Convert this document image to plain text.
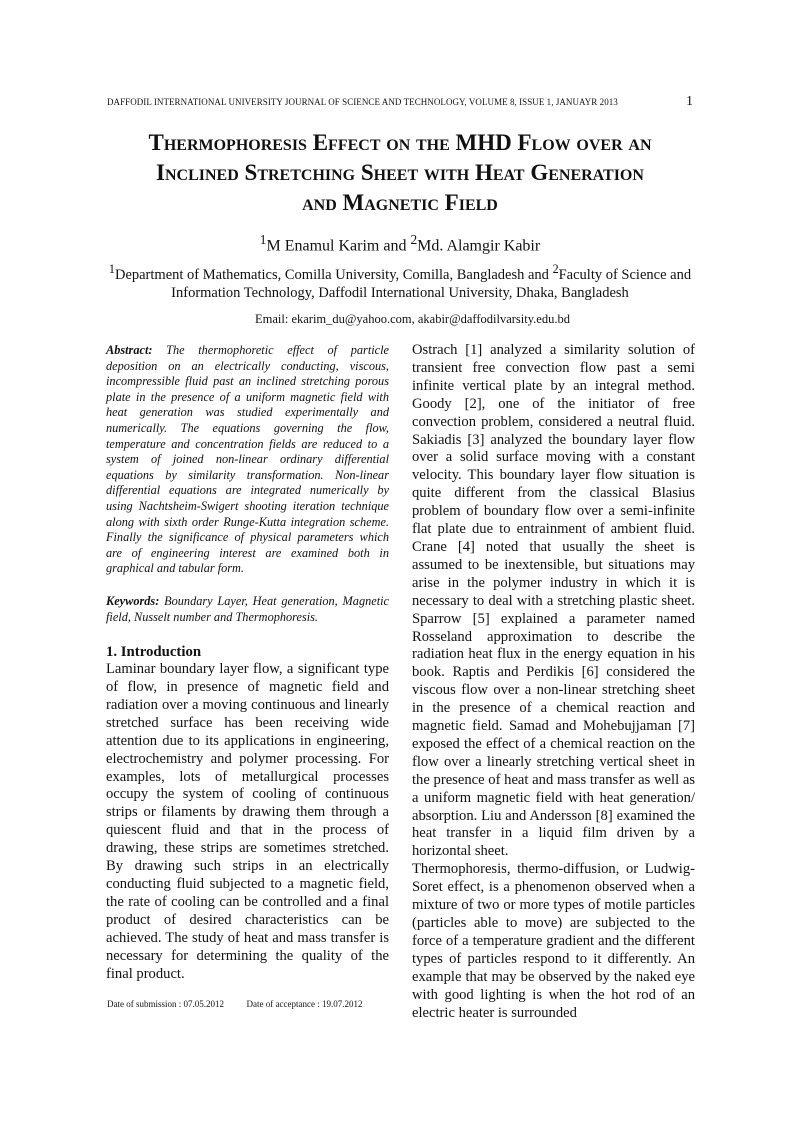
DAFFODIL INTERNATIONAL UNIVERSITY JOURNAL OF SCIENCE AND TECHNOLOGY, VOLUME 8, ISSUE 1, JANUAYR 2013	1
Thermophoresis Effect on the MHD Flow over an
Inclined Stretching Sheet with Heat Generation
and Magnetic Field
$^1$M Enamul Karim and $^2$Md. Alamgir Kabir
$^1$Department of Mathematics, Comilla University, Comilla, Bangladesh and $^2$Faculty of Science and Information Technology, Daffodil International University, Dhaka, Bangladesh
Email: ekarim_du@yahoo.com, akabir@daffodilvarsity.edu.bd

Abstract: The thermophoretic effect of particle deposition on an electrically conducting, viscous, incompressible fluid past an inclined stretching porous plate in the presence of a uniform magnetic field with heat generation was studied experimentally and numerically. The equations governing the flow, temperature and concentration fields are reduced to a system of joined non-linear ordinary differential equations by similarity transformation. Non-linear differential equations are integrated numerically by using Nachtsheim-Swigert shooting iteration technique along with sixth order Runge-Kutta integration scheme. Finally the significance of physical parameters which are of engineering interest are examined both in graphical and tabular form.

Keywords: Boundary Layer, Heat generation, Magnetic field, Nusselt number and Thermophoresis.

1. Introduction

Laminar boundary layer flow, a significant type of flow, in presence of magnetic field and radiation over a moving continuous and linearly stretched surface has been receiving wide attention due to its applications in engineering, electrochemistry and polymer processing. For examples, lots of metallurgical processes occupy the system of cooling of continuous strips or filaments by drawing them through a quiescent fluid and that in the process of drawing, these strips are sometimes stretched. By drawing such strips in an electrically conducting fluid subjected to a magnetic field, the rate of cooling can be controlled and a final product of desired characteristics can be achieved. The study of heat and mass transfer is necessary for determining the quality of the final product.

Ostrach [1] analyzed a similarity solution of transient free convection flow past a semi infinite vertical plate by an integral method. Goody [2], one of the initiator of free convection problem, considered a neutral fluid. Sakiadis [3] analyzed the boundary layer flow over a solid surface moving with a constant velocity. This boundary layer flow situation is quite different from the classical Blasius problem of boundary flow over a semi-infinite flat plate due to entrainment of ambient fluid. Crane [4] noted that usually the sheet is assumed to be inextensible, but situations may arise in the polymer industry in which it is necessary to deal with a stretching plastic sheet. Sparrow [5] explained a parameter named Rosseland approximation to describe the radiation heat flux in the energy equation in his book. Raptis and Perdikis [6] considered the viscous flow over a non-linear stretching sheet in the presence of a chemical reaction and magnetic field. Samad and Mohebujjaman [7] exposed the effect of a chemical reaction on the flow over a linearly stretching vertical sheet in the presence of heat and mass transfer as well as a uniform magnetic field with heat generation/ absorption. Liu and Andersson [8] examined the heat transfer in a liquid film driven by a horizontal sheet.

Thermophoresis, thermo-diffusion, or Ludwig-Soret effect, is a phenomenon observed when a mixture of two or more types of motile particles (particles able to move) are subjected to the force of a temperature gradient and the different types of particles respond to it differently. An example that may be observed by the naked eye with good lighting is when the hot rod of an electric heater is surrounded

Date of submission : 07.05.2012	Date of acceptance : 19.07.2012
